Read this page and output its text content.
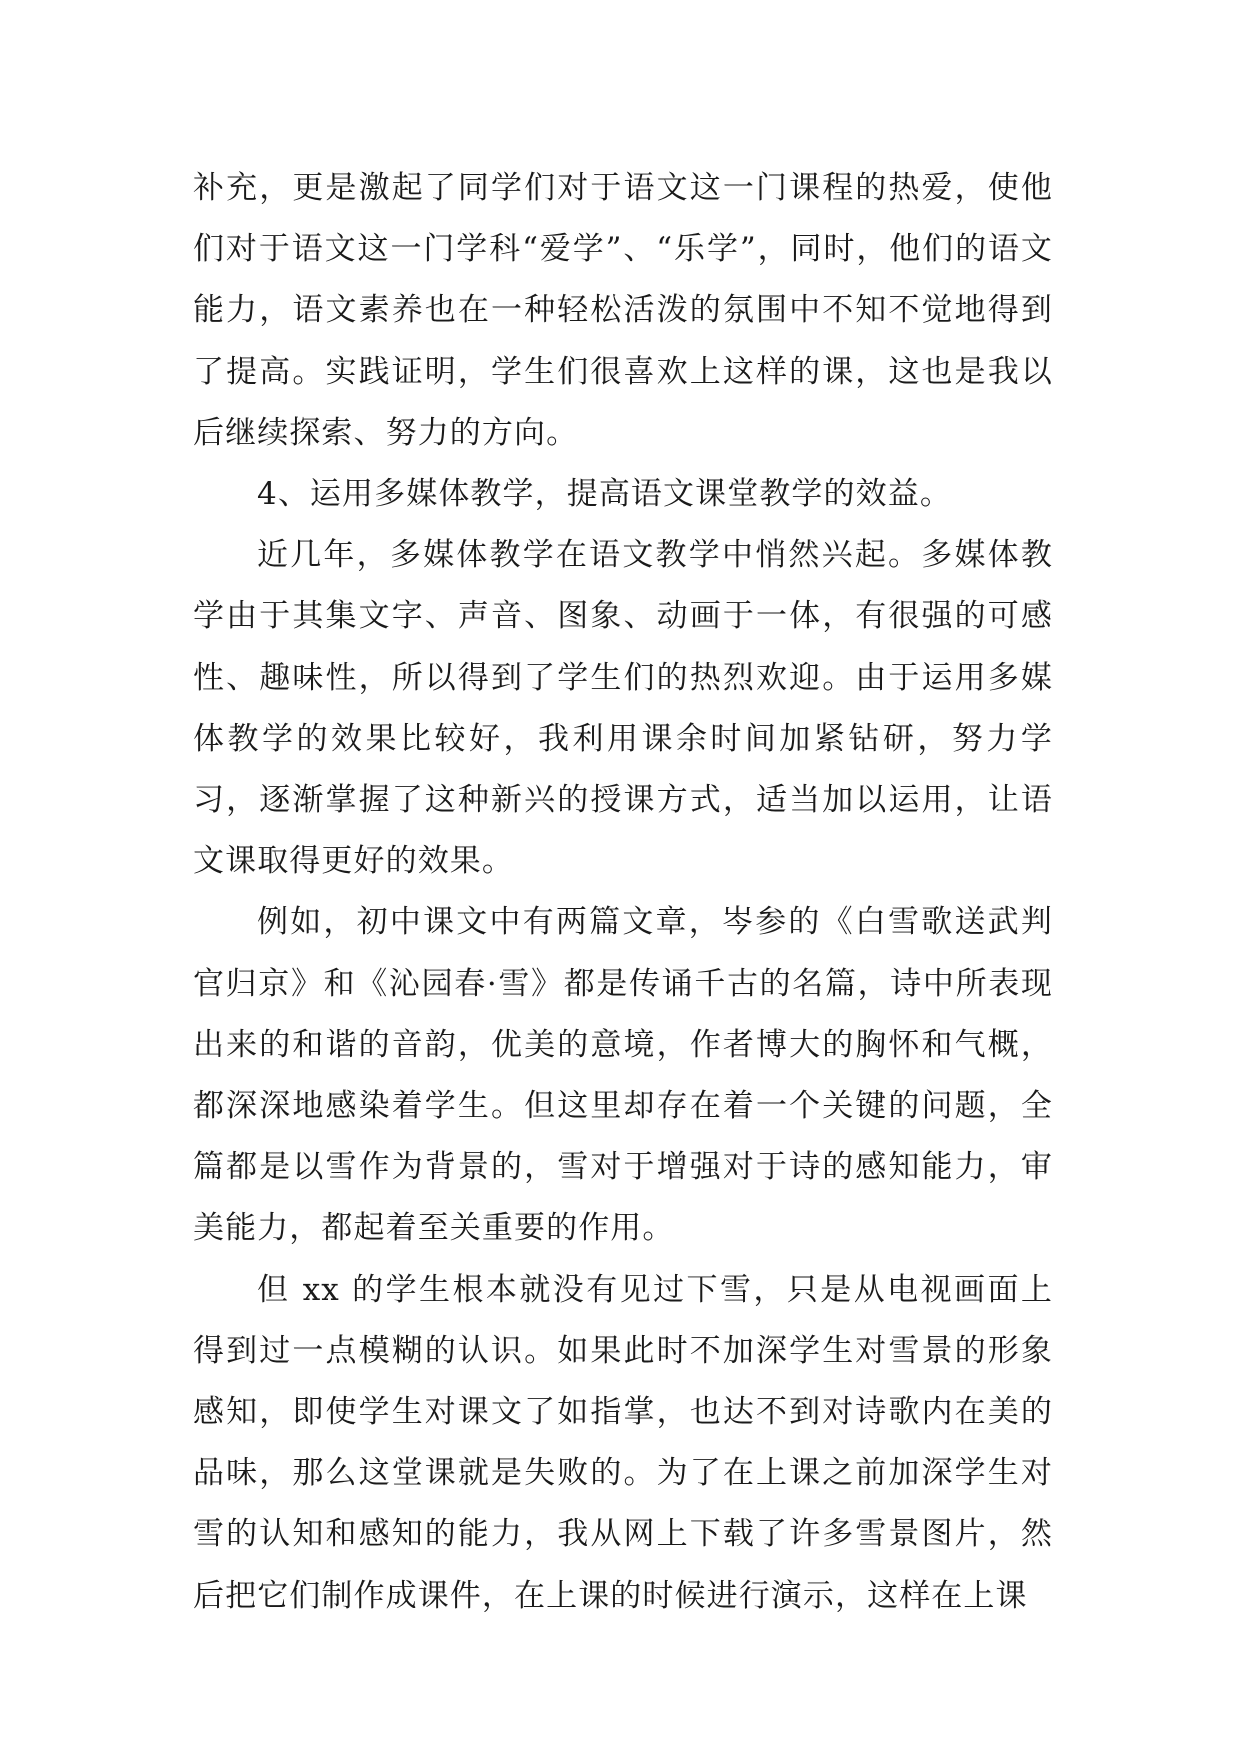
补充，更是激起了同学们对于语文这一门课程的热爱，使他们对于语文这一门学科“爱学”、“乐学”，同时，他们的语文能力，语文素养也在一种轻松活泼的氛围中不知不觉地得到了提高。实践证明，学生们很喜欢上这样的课，这也是我以后继续探索、努力的方向。

4、运用多媒体教学，提高语文课堂教学的效益。

近几年，多媒体教学在语文教学中悄然兴起。多媒体教学由于其集文字、声音、图象、动画于一体，有很强的可感性、趣味性，所以得到了学生们的热烈欢迎。由于运用多媒体教学的效果比较好，我利用课余时间加紧钻研，努力学习，逐渐掌握了这种新兴的授课方式，适当加以运用，让语文课取得更好的效果。

例如，初中课文中有两篇文章，岑参的《白雪歌送武判官归京》和《沁园春·雪》都是传诵千古的名篇，诗中所表现出来的和谐的音韵，优美的意境，作者博大的胸怀和气概，都深深地感染着学生。但这里却存在着一个关键的问题，全篇都是以雪作为背景的，雪对于增强对于诗的感知能力，审美能力，都起着至关重要的作用。

但 xx 的学生根本就没有见过下雪，只是从电视画面上得到过一点模糊的认识。如果此时不加深学生对雪景的形象感知，即使学生对课文了如指掌，也达不到对诗歌内在美的品味，那么这堂课就是失败的。为了在上课之前加深学生对雪的认知和感知的能力，我从网上下载了许多雪景图片，然后把它们制作成课件，在上课的时候进行演示，这样在上课
